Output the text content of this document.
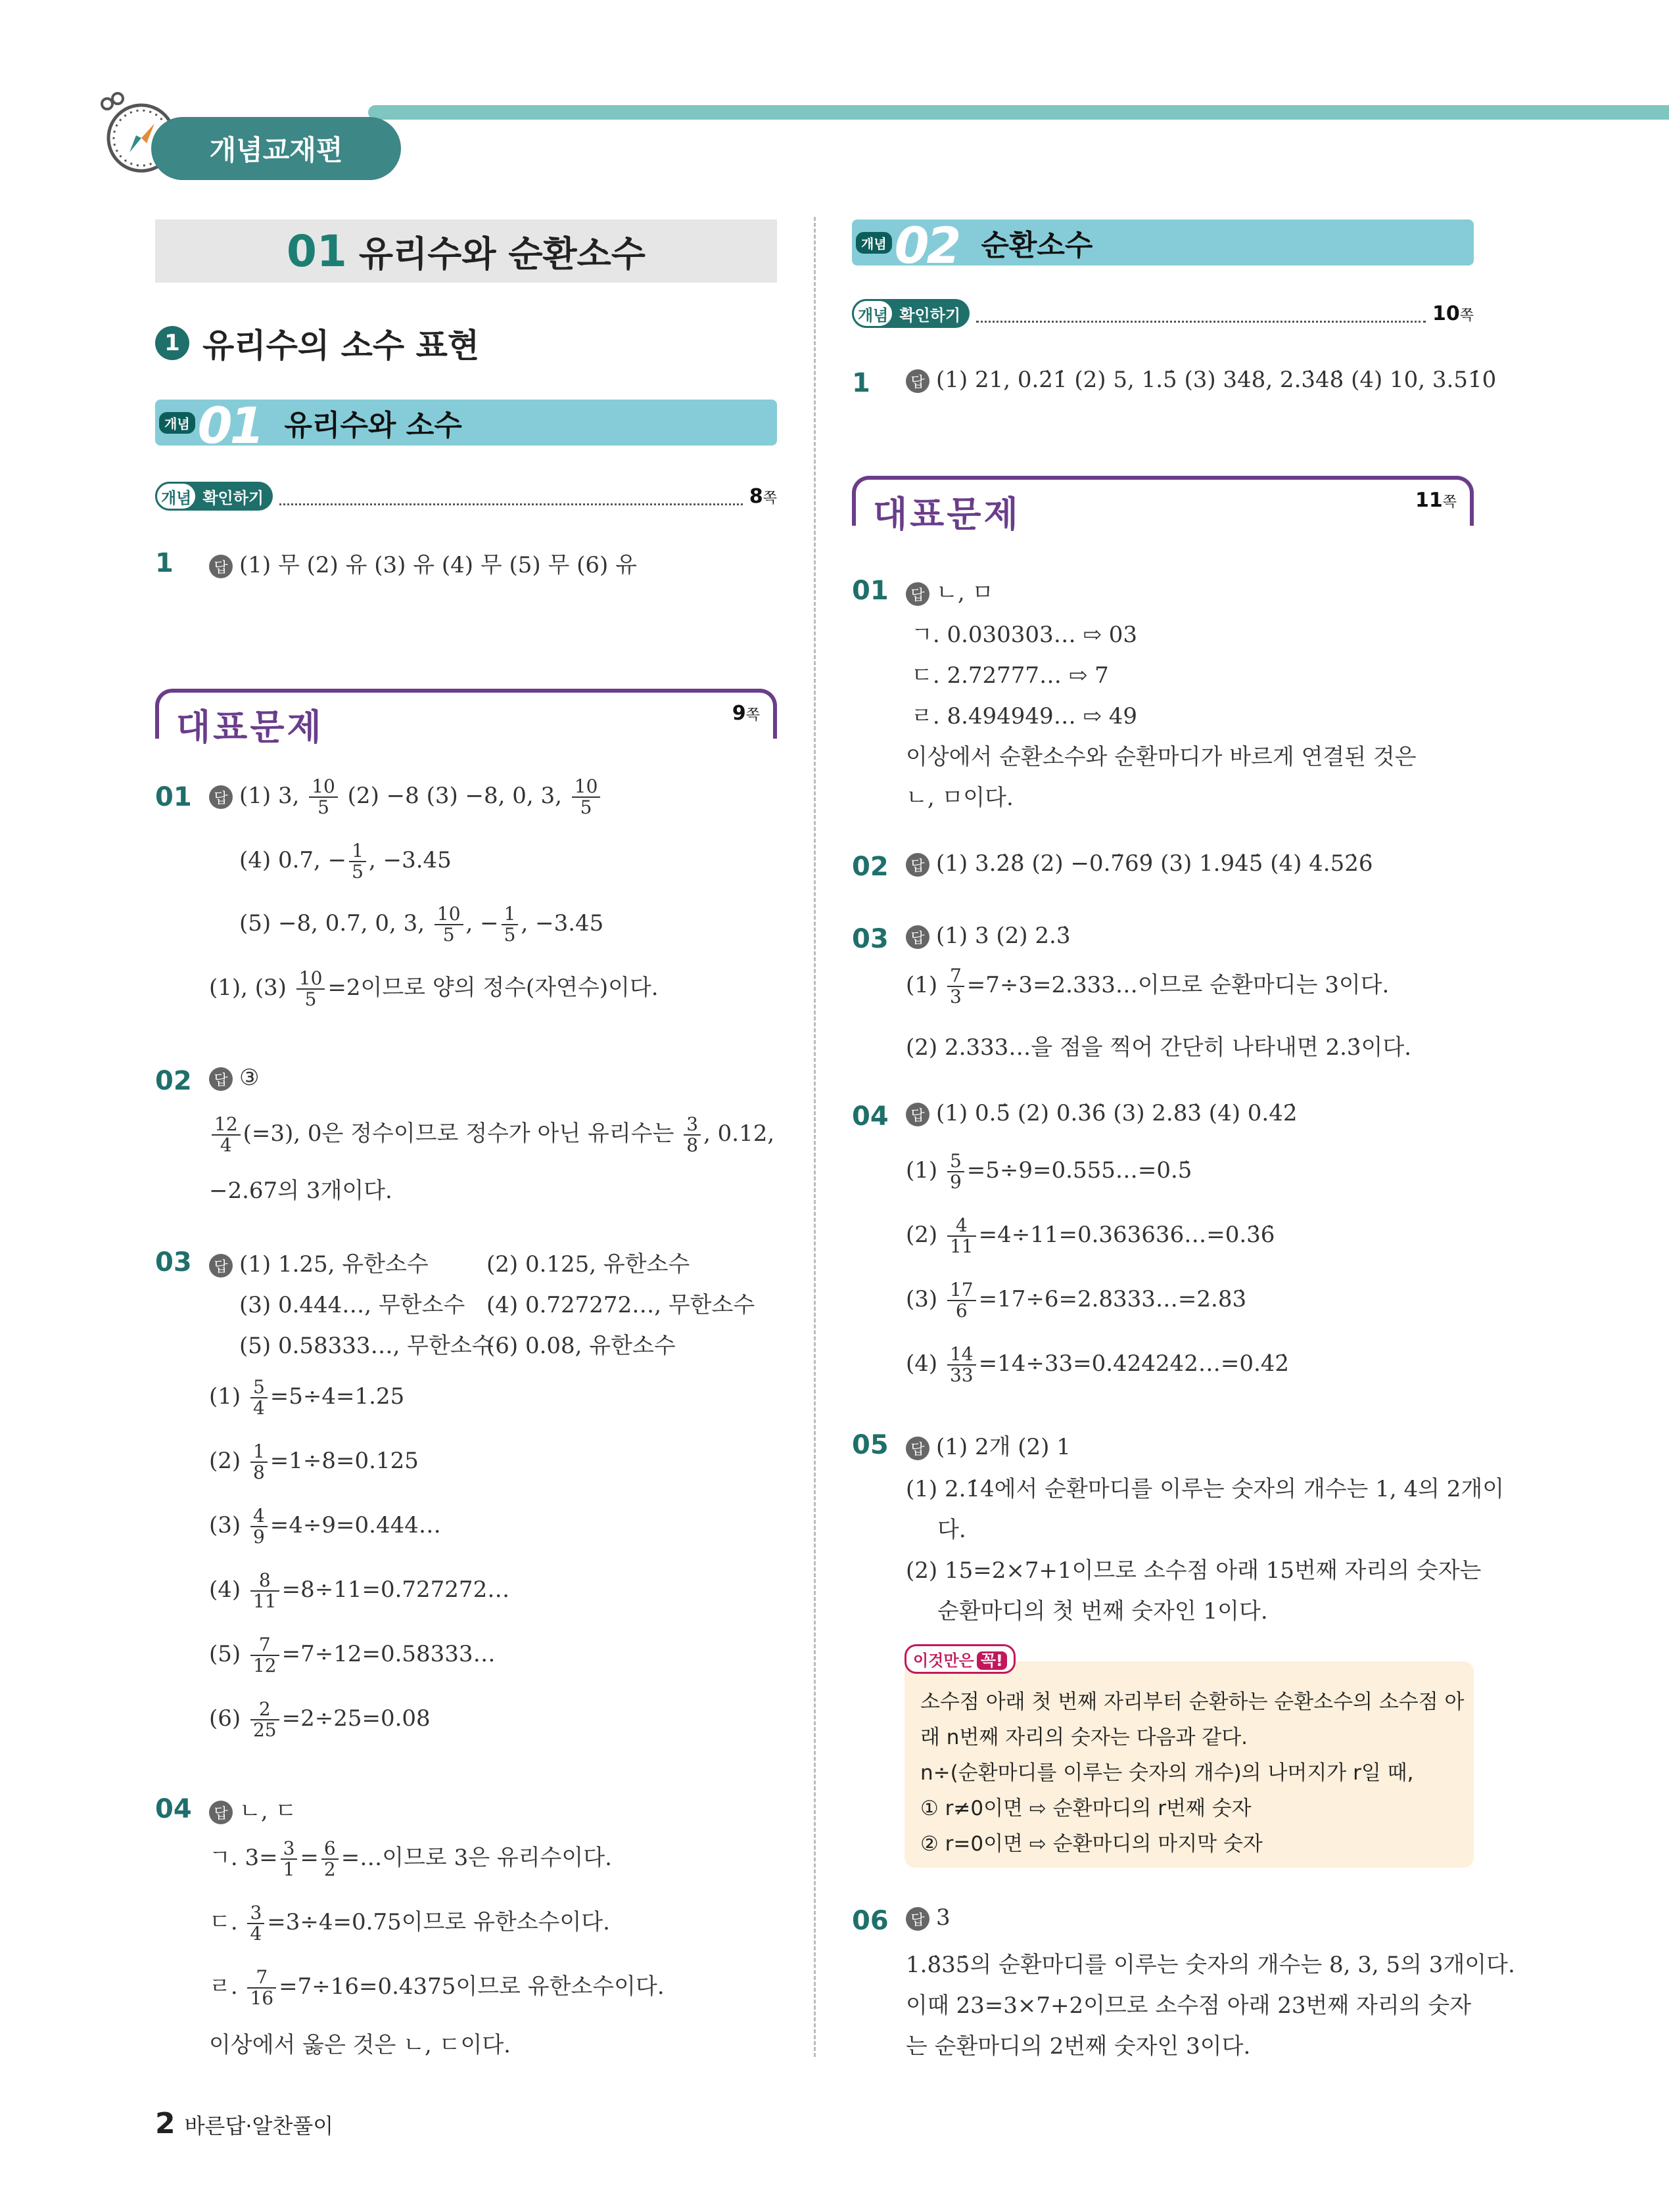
개념교재편
01 유리수와 순환소수
1 유리수의 소수 표현
개념 01 유리수와 소수
개념 확인하기	8쪽
1	답 (1) 무 (2) 유 (3) 유 (4) 무 (5) 무 (6) 유
대표문제	9쪽
01	답 (1) 3, $\frac{10}{5} (2) -8$ (3) −8, 0, 3, $\frac{10}{5}$
(4) 0.7, − $\frac{1}{5}$ , −3.45
(5) −8, 0.7, 0, 3, $\frac{10}{5}$ , − $\frac{1}{5}$ , −3.45
(1), $(3) \frac{10}{5} =2$이므로 양의 정수(자연수)이다.
02	답 ③
$\frac{12}{4} (=3)$, 0은 정수이므로 정수가 아닌 유리수는 $\frac{3}{8}$ , 0.12,
−2.67의 3개이다.
03	답 (1) 1.25, 유한소수	(2) 0.125, 유한소수
(3) 0.444…, 무한소수 (4) 0.727272…, 무한소수
(5) 0.58333…, 무한소수
(6) 0.08, 유한소수
$(1) \frac{5}{4} =5\div 4=1.25$
$(2) \frac{1}{8} =1\div 8=0.125$
$(3) \frac{4}{9}$ =4÷9=0.444…
$(4) \frac{8}{11}$ =8÷11=0.727272…
$(5) \frac{7}{12}$ =7÷12=0.58333…
$(6) \frac{2}{25} =2\div 25=0.08$
04	답 ㄴ, ㄷ
ㄱ. $3= \frac{3}{1} = \frac{6}{2}$ =…이므로 3은 유리수이다.
ㄷ. $\frac{3}{4} =3\div 4=0.75$이므로 유한소수이다.
ㄹ. $\frac{7}{16} =7\div 16=0.4375$이므로 유한소수이다.
이상에서 옳은 것은 ㄴ, ㄷ이다.
개념 02 순환소수
개념 확인하기	10쪽
1	답 (1) 21, 0.2̇1̇ (2) 5, 1.5̇ (3) 348, 2.3̇48̇ (4) 10, 3.51̇0̇
대표문제	11쪽
01	답 ㄴ, ㅁ
ㄱ. 0.030303… ⇨ 03
ㄷ. 2.72777… ⇨ 7
ㄹ. 8.494949… ⇨ 49
이상에서 순환소수와 순환마디가 바르게 연결된 것은
ㄴ, ㅁ이다.
02	답 (1) 3.2̇8̇ (2) −0.7̇69̇ (3) 1.94̇5̇ (4) 4.52̇6̇
03	답 (1) 3 (2) 2.3̇
$(1) \frac{7}{3}$ =7÷3=2.333…이므로 순환마디는 3이다.
(2) 2.333…을 점을 찍어 간단히 나타내면 2.3̇이다.
04	답 (1) 0.5̇ (2) 0.3̇6̇ (3) 2.83̇ (4) 0.4̇2̇
$(1) \frac{5}{9}$ =5÷9=0.555…=0.5̇
$(2) \frac{4}{11}$ =4÷11=0.363636…=0.3̇6̇
$(3) \frac{17}{6}$ =17÷6=2.8333…=2.83̇
$(4) \frac{14}{33}$ =14÷33=0.424242…=0.4̇2̇
05	답 (1) 2개 (2) 1
(1) 2.1̇4̇에서 순환마디를 이루는 숫자의 개수는 1, 4의 2개이
다.
(2) 15=2×7+1이므로 소수점 아래 15번째 자리의 숫자는
순환마디의 첫 번째 숫자인 1이다.
이것만은 꼭!
소수점 아래 첫 번째 자리부터 순환하는 순환소수의 소수점 아
래 n번째 자리의 숫자는 다음과 같다.
n÷(순환마디를 이루는 숫자의 개수)의 나머지가 r일 때,
① r≠0이면 ⇨ 순환마디의 r번째 숫자
② r=0이면 ⇨ 순환마디의 마지막 숫자
06	답 3
1.8̇35̇의 순환마디를 이루는 숫자의 개수는 8, 3, 5의 3개이다.
이때 23=3×7+2이므로 소수점 아래 23번째 자리의 숫자
는 순환마디의 2번째 숫자인 3이다.
2 바른답·알찬풀이
